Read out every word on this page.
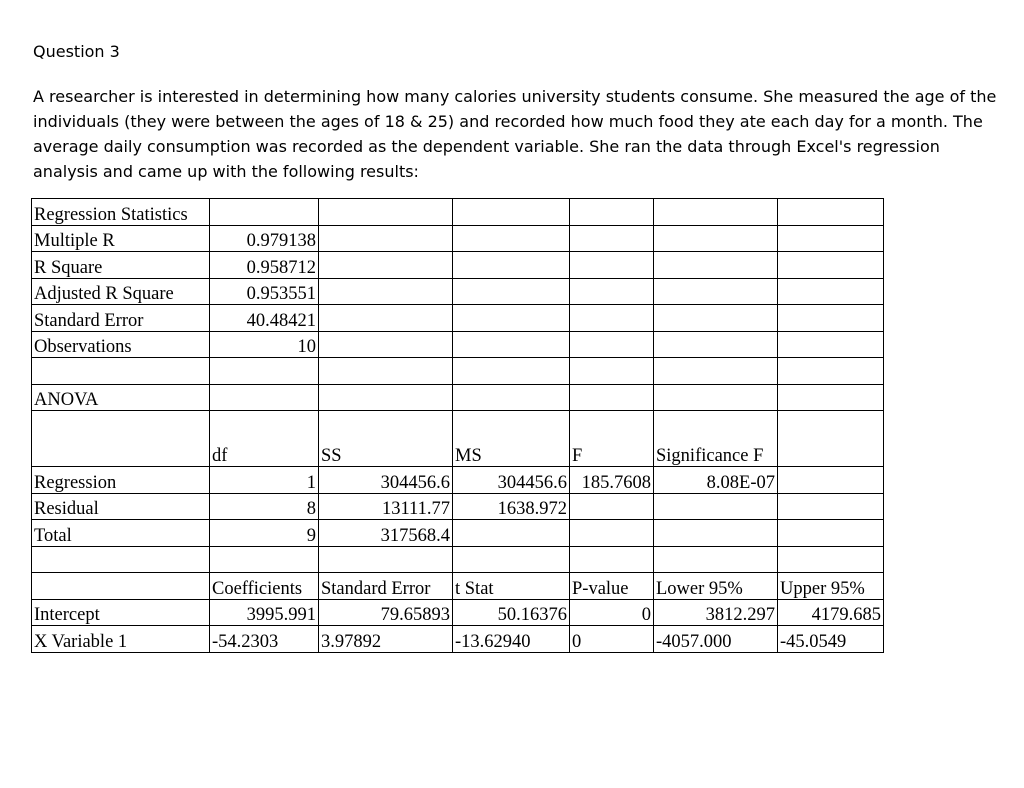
Question 3

A researcher is interested in determining how many calories university students consume. She measured the age of the individuals (they were between the ages of 18 & 25) and recorded how much food they ate each day for a month. The average daily consumption was recorded as the dependent variable. She ran the data through Excel's regression analysis and came up with the following results:

Regression Statistics						
Multiple R	0.979138					
R Square	0.958712					
Adjusted R Square	0.953551					
Standard Error	40.48421					
Observations	10					

ANOVA						
	df	SS	MS	F	Significance F	
Regression	1	304456.6	304456.6	185.7608	8.08E-07	
Residual	8	13111.77	1638.972			
Total	9	317568.4				

	Coefficients	Standard Error	t Stat	P-value	Lower 95%	Upper 95%
Intercept	3995.991	79.65893	50.16376	0	3812.297	4179.685
X Variable 1	-54.2303	3.97892	-13.62940	0	-4057.000	-45.0549
